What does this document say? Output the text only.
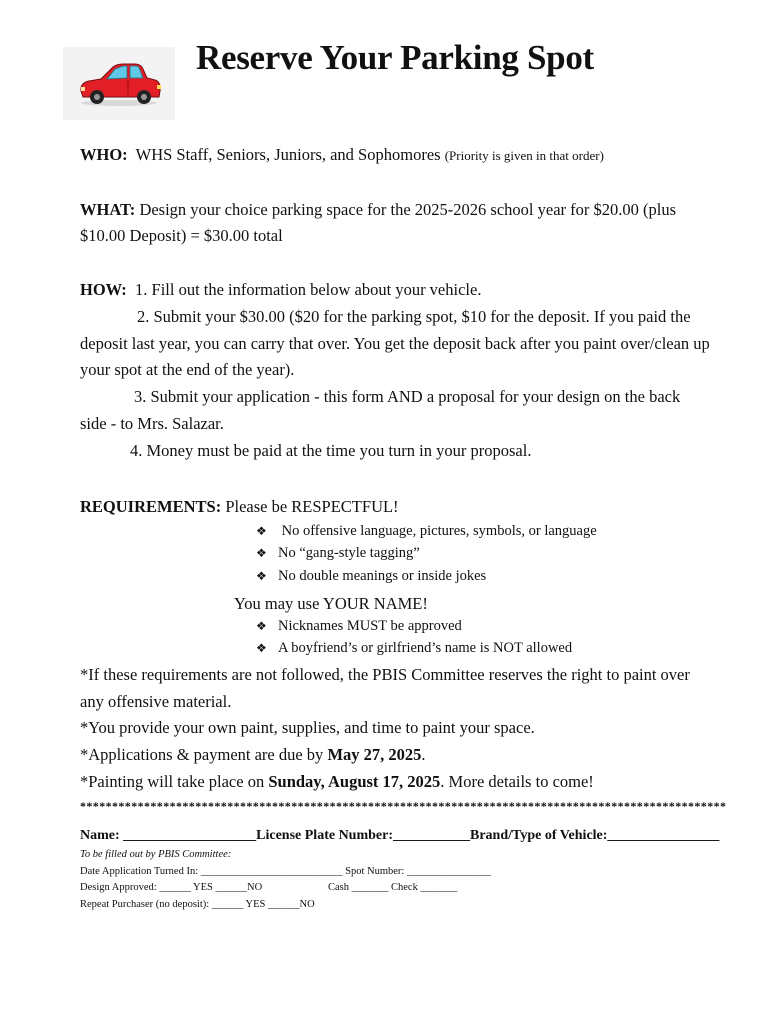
Reserve Your Parking Spot
WHO: WHS Staff, Seniors, Juniors, and Sophomores (Priority is given in that order)
WHAT: Design your choice parking space for the 2025-2026 school year for $20.00 (plus
$10.00 Deposit) = $30.00 total
HOW: 1. Fill out the information below about your vehicle.
2. Submit your $30.00 ($20 for the parking spot, $10 for the deposit. If you paid the
deposit last year, you can carry that over. You get the deposit back after you paint over/clean up
your spot at the end of the year).
3. Submit your application - this form AND a proposal for your design on the back
side - to Mrs. Salazar.
4. Money must be paid at the time you turn in your proposal.
REQUIREMENTS: Please be RESPECTFUL!
❖ No offensive language, pictures, symbols, or language
❖ No “gang-style tagging”
❖ No double meanings or inside jokes
You may use YOUR NAME!
❖ Nicknames MUST be approved
❖ A boyfriend’s or girlfriend’s name is NOT allowed
*If these requirements are not followed, the PBIS Committee reserves the right to paint over
any offensive material.
*You provide your own paint, supplies, and time to paint your space.
*Applications & payment are due by May 27, 2025.
*Painting will take place on Sunday, August 17, 2025. More details to come!
*****************************************************************************************************
Name: ___________________License Plate Number:___________Brand/Type of Vehicle:________________
To be filled out by PBIS Committee:
Date Application Turned In: ___________________________ Spot Number: ________________
Design Approved: ______ YES ______NO	Cash _______ Check _______
Repeat Purchaser (no deposit): ______ YES ______NO
